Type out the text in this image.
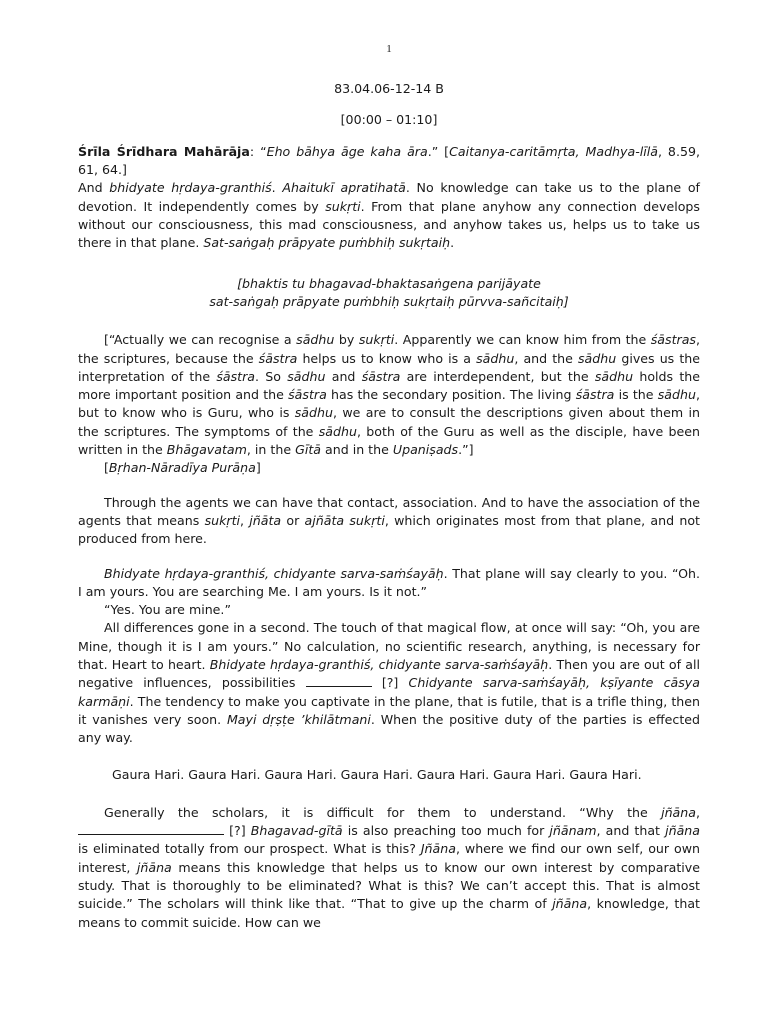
1
83.04.06-12-14 B
[00:00 – 01:10]

Śrīla Śrīdhara Mahārāja: “Eho bāhya āge kaha āra.” [Caitanya-caritāmṛta, Madhya-līlā, 8.59, 61, 64.]

And bhidyate hṛdaya-granthiś. Ahaitukī apratihatā. No knowledge can take us to the plane of devotion. It independently comes by sukṛti. From that plane anyhow any connection develops without our consciousness, this mad consciousness, and anyhow takes us, helps us to take us there in that plane. Sat-saṅgaḥ prāpyate puṁbhiḥ sukṛtaiḥ.

[bhaktis tu bhagavad-bhaktasaṅgena parijāyate
sat-saṅgaḥ prāpyate puṁbhiḥ sukṛtaiḥ pūrvva-sañcitaiḥ]

[“Actually we can recognise a sādhu by sukṛti. Apparently we can know him from the śāstras, the scriptures, because the śāstra helps us to know who is a sādhu, and the sādhu gives us the interpretation of the śāstra. So sādhu and śāstra are interdependent, but the sādhu holds the more important position and the śāstra has the secondary position. The living śāstra is the sādhu, but to know who is Guru, who is sādhu, we are to consult the descriptions given about them in the scriptures. The symptoms of the sādhu, both of the Guru as well as the disciple, have been written in the Bhāgavatam, in the Gītā and in the Upaniṣads.”]

[Bṛhan-Nāradīya Purāṇa]

Through the agents we can have that contact, association. And to have the association of the agents that means sukṛti, jñāta or ajñāta sukṛti, which originates most from that plane, and not produced from here.

Bhidyate hṛdaya-granthiś, chidyante sarva-saṁśayāḥ. That plane will say clearly to you. “Oh. I am yours. You are searching Me. I am yours. Is it not.”

“Yes. You are mine.”

All differences gone in a second. The touch of that magical flow, at once will say: “Oh, you are Mine, though it is I am yours.” No calculation, no scientific research, anything, is necessary for that. Heart to heart. Bhidyate hṛdaya-granthiś, chidyante sarva-saṁśayāḥ. Then you are out of all negative influences, possibilities	[?] Chidyante sarva-saṁśayāḥ, kṣīyante cāsya karmāṇi. The tendency to make you captivate in the plane, that is futile, that is a trifle thing, then it vanishes very soon. Mayi dṛṣṭe ’khilātmani. When the positive duty of the parties is effected any way.

Gaura Hari. Gaura Hari. Gaura Hari. Gaura Hari. Gaura Hari. Gaura Hari. Gaura Hari.

Generally the scholars, it is difficult for them to understand. “Why the jñāna,  [?] Bhagavad-gītā is also preaching too much for jñānam, and that jñāna is eliminated totally from our prospect. What is this? Jñāna, where we find our own self, our own interest, jñāna means this knowledge that helps us to know our own interest by comparative study. That is thoroughly to be eliminated? What is this? We can’t accept this. That is almost suicide.” The scholars will think like that. “That to give up the charm of jñāna, knowledge, that means to commit suicide. How can we
